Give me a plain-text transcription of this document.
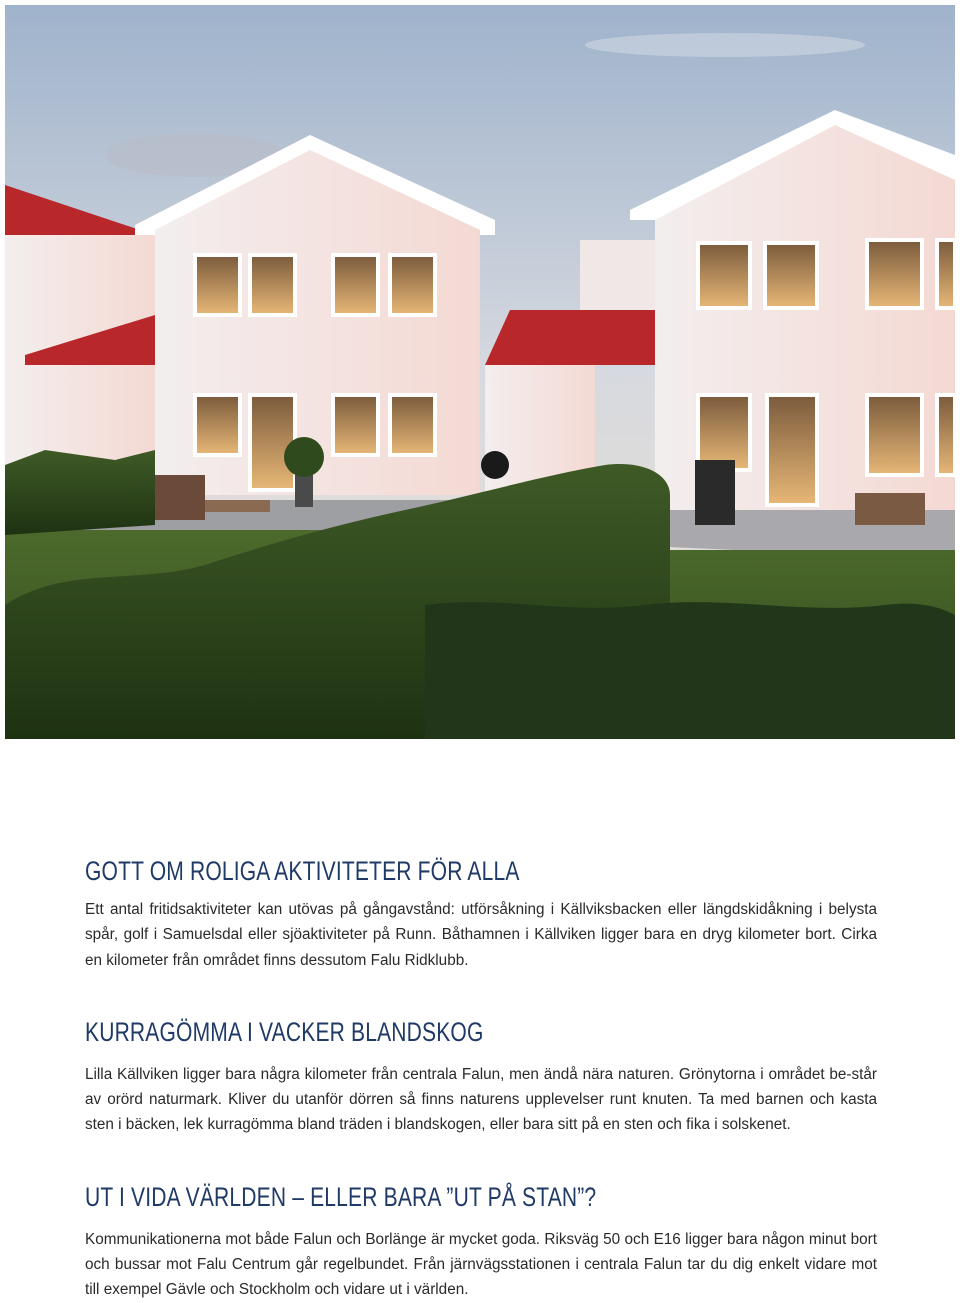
GOTT OM ROLIGA AKTIVITETER FÖR ALLA

Ett antal fritidsaktiviteter kan utövas på gångavstånd: utförsåkning i Källviksbacken eller längdskidåkning i belysta spår, golf i Samuelsdal eller sjöaktiviteter på Runn. Båthamnen i Källviken ligger bara en dryg kilometer bort. Cirka en kilometer från området finns dessutom Falu Ridklubb.

KURRAGÖMMA I VACKER BLANDSKOG

Lilla Källviken ligger bara några kilometer från centrala Falun, men ändå nära naturen. Grönytorna i området be-står av orörd naturmark. Kliver du utanför dörren så finns naturens upplevelser runt knuten. Ta med barnen och kasta sten i bäcken, lek kurragömma bland träden i blandskogen, eller bara sitt på en sten och fika i solskenet.

UT I VIDA VÄRLDEN – ELLER BARA ”UT PÅ STAN”?

Kommunikationerna mot både Falun och Borlänge är mycket goda. Riksväg 50 och E16 ligger bara någon minut bort och bussar mot Falu Centrum går regelbundet. Från järnvägsstationen i centrala Falun tar du dig enkelt vidare mot till exempel Gävle och Stockholm och vidare ut i världen.
